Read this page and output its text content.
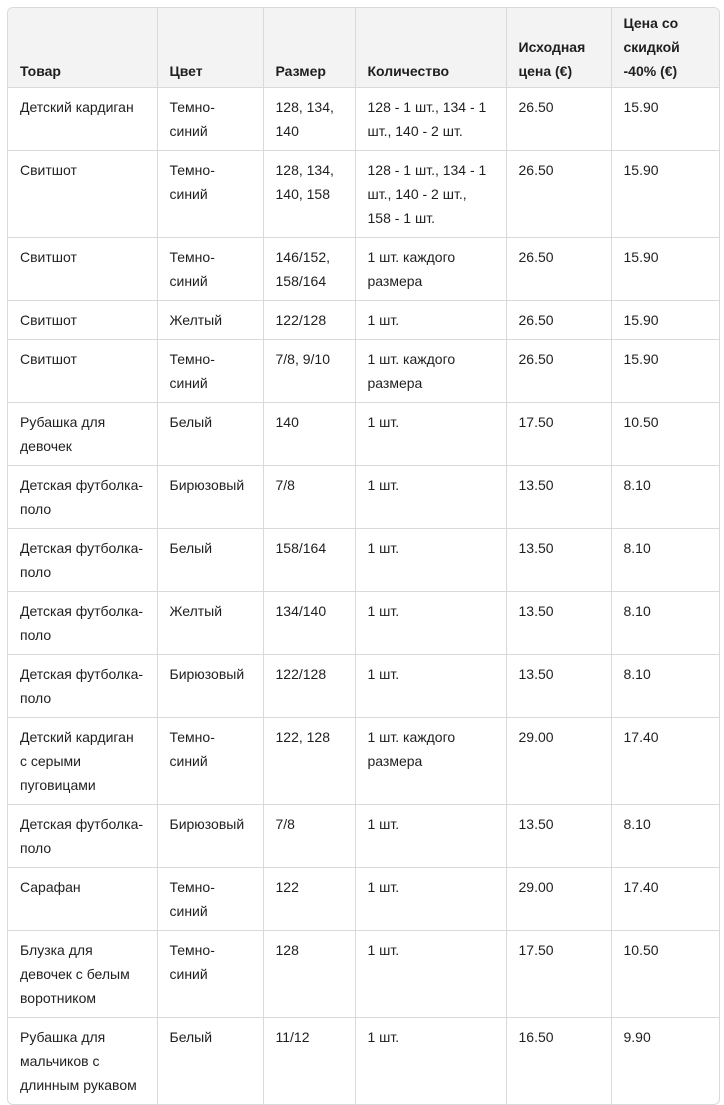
Товар	Цвет	Размер	Количество	Исходная цена (€)	Цена со скидкой -40% (€)
Детский кардиган	Темно-синий	128, 134, 140	128 - 1 шт., 134 - 1 шт., 140 - 2 шт.	26.50	15.90
Свитшот	Темно-синий	128, 134, 140, 158	128 - 1 шт., 134 - 1 шт., 140 - 2 шт., 158 - 1 шт.	26.50	15.90
Свитшот	Темно-синий	146/152, 158/164	1 шт. каждого размера	26.50	15.90
Свитшот	Желтый	122/128	1 шт.	26.50	15.90
Свитшот	Темно-синий	7/8, 9/10	1 шт. каждого размера	26.50	15.90
Рубашка для девочек	Белый	140	1 шт.	17.50	10.50
Детская футболка-поло	Бирюзовый	7/8	1 шт.	13.50	8.10
Детская футболка-поло	Белый	158/164	1 шт.	13.50	8.10
Детская футболка-поло	Желтый	134/140	1 шт.	13.50	8.10
Детская футболка-поло	Бирюзовый	122/128	1 шт.	13.50	8.10
Детский кардиган с серыми пуговицами	Темно-синий	122, 128	1 шт. каждого размера	29.00	17.40
Детская футболка-поло	Бирюзовый	7/8	1 шт.	13.50	8.10
Сарафан	Темно-синий	122	1 шт.	29.00	17.40
Блузка для девочек с белым воротником	Темно-синий	128	1 шт.	17.50	10.50
Рубашка для мальчиков с длинным рукавом	Белый	11/12	1 шт.	16.50	9.90
